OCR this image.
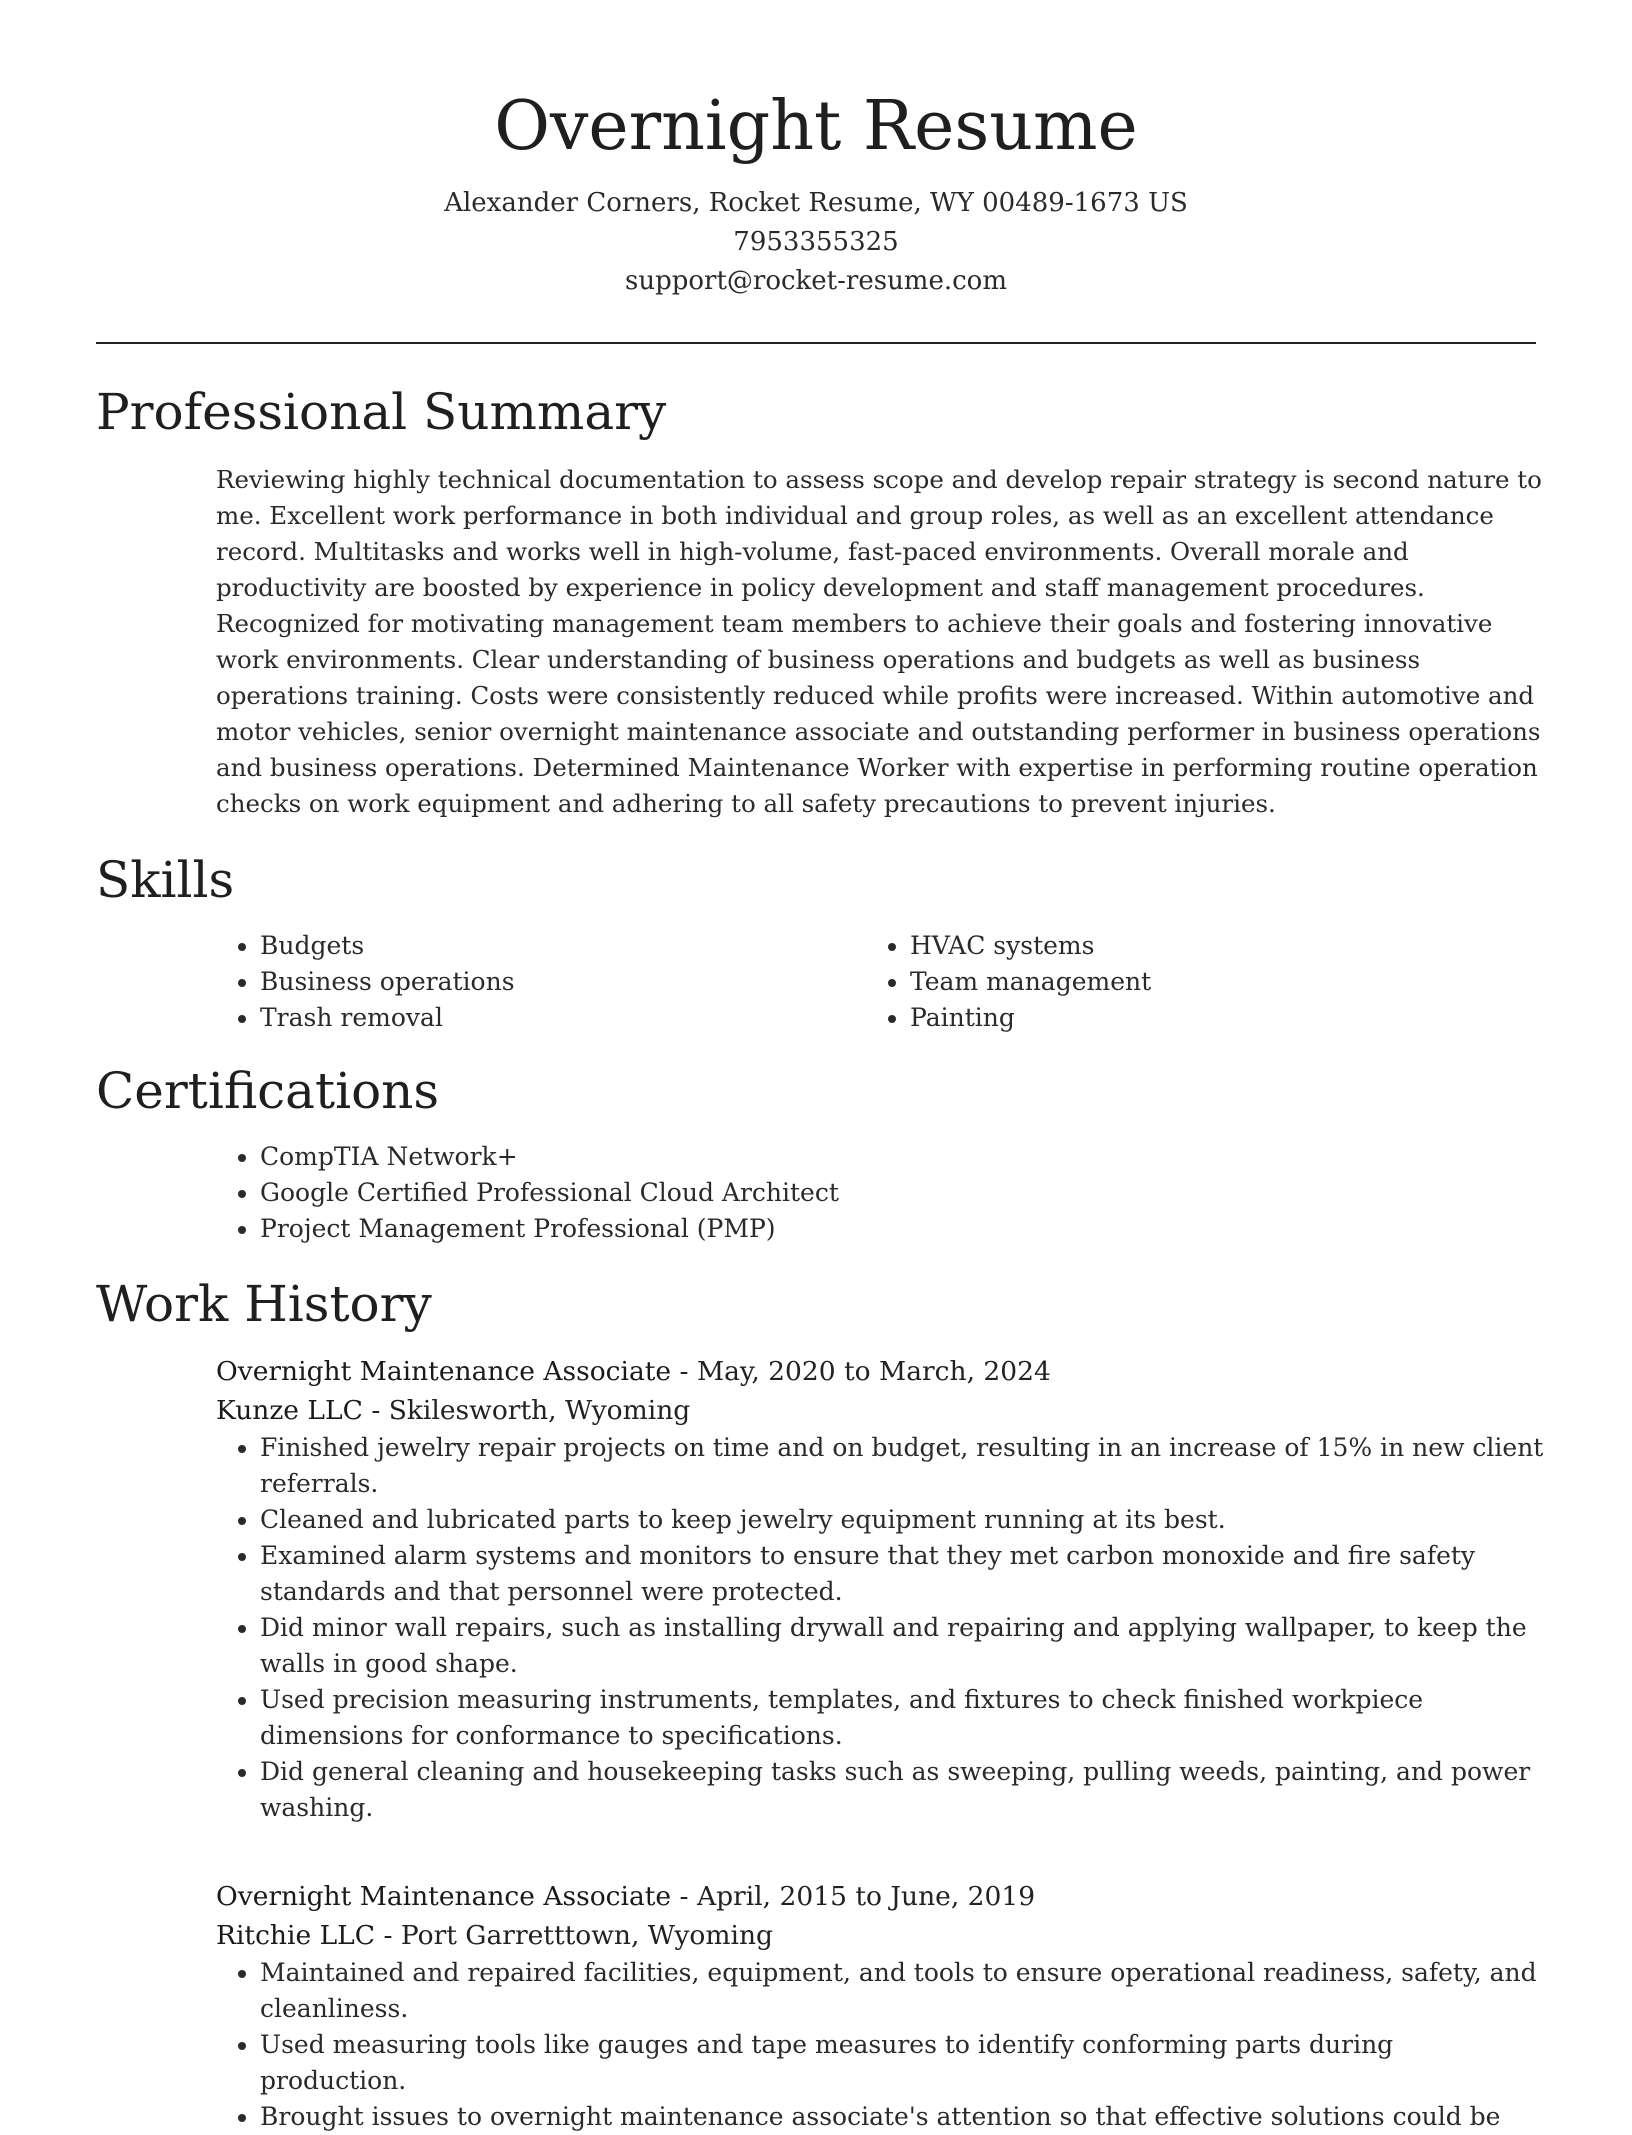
Overnight Resume
Alexander Corners, Rocket Resume, WY 00489-1673 US
7953355325
support@rocket-resume.com
Professional Summary

Reviewing highly technical documentation to assess scope and develop repair strategy is second nature to me. Excellent work performance in both individual and group roles, as well as an excellent attendance record. Multitasks and works well in high-volume, fast-paced environments. Overall morale and productivity are boosted by experience in policy development and staff management procedures. Recognized for motivating management team members to achieve their goals and fostering innovative work environments. Clear understanding of business operations and budgets as well as business operations training. Costs were consistently reduced while profits were increased. Within automotive and motor vehicles, senior overnight maintenance associate and outstanding performer in business operations and business operations. Determined Maintenance Worker with expertise in performing routine operation checks on work equipment and adhering to all safety precautions to prevent injuries.

Skills
• Budgets
• Business operations
• Trash removal
• HVAC systems
• Team management
• Painting
Certifications
• CompTIA Network+
• Google Certified Professional Cloud Architect
• Project Management Professional (PMP)
Work History
Overnight Maintenance Associate - May, 2020 to March, 2024
Kunze LLC - Skilesworth, Wyoming
• Finished jewelry repair projects on time and on budget, resulting in an increase of 15% in new client referrals.
• Cleaned and lubricated parts to keep jewelry equipment running at its best.
• Examined alarm systems and monitors to ensure that they met carbon monoxide and fire safety standards and that personnel were protected.
• Did minor wall repairs, such as installing drywall and repairing and applying wallpaper, to keep the walls in good shape.
• Used precision measuring instruments, templates, and fixtures to check finished workpiece dimensions for conformance to specifications.
• Did general cleaning and housekeeping tasks such as sweeping, pulling weeds, painting, and power washing.
Overnight Maintenance Associate - April, 2015 to June, 2019
Ritchie LLC - Port Garretttown, Wyoming
• Maintained and repaired facilities, equipment, and tools to ensure operational readiness, safety, and cleanliness.
• Used measuring tools like gauges and tape measures to identify conforming parts during production.
• Brought issues to overnight maintenance associate's attention so that effective solutions could be
